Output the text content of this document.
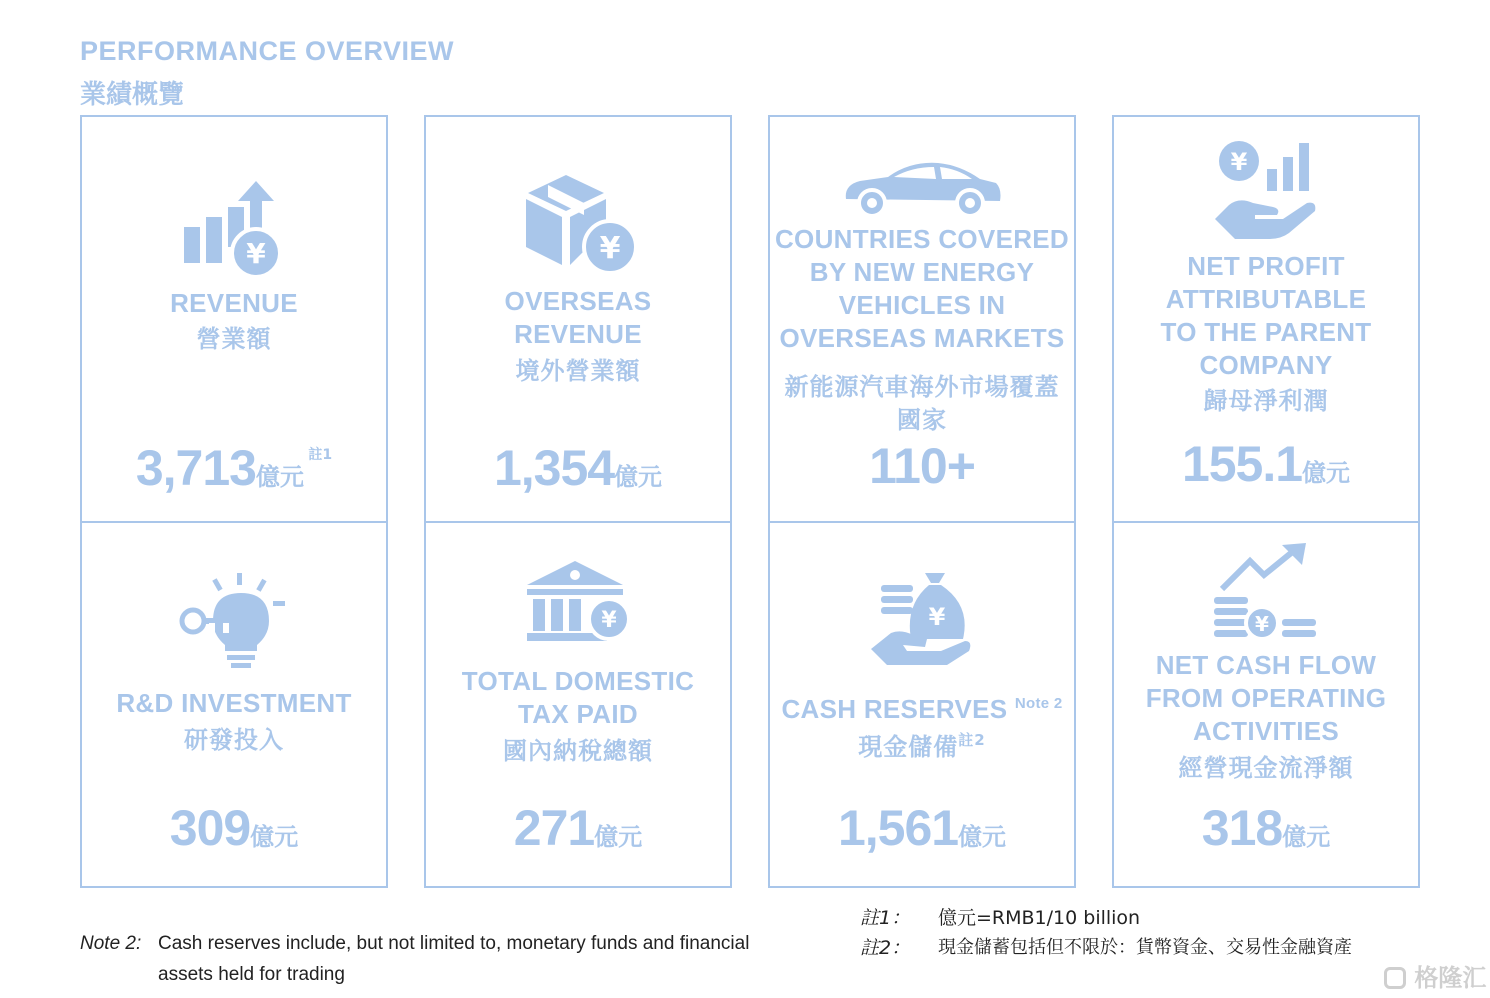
PERFORMANCE OVERVIEW
業績概覽
¥
REVENUE
營業額
3,713億元 註1
¥
OVERSEAS
REVENUE
境外營業額
1,354億元
COUNTRIES COVERED
BY NEW ENERGY
VEHICLES IN
OVERSEAS MARKETS
新能源汽車海外市場覆蓋
國家
110+
¥
NET PROFIT
ATTRIBUTABLE
TO THE PARENT
COMPANY
歸母淨利潤
155.1億元
R&D INVESTMENT
研發投入
309億元
¥
TOTAL DOMESTIC
TAX PAID
國內納稅總額
271億元
¥
CASH RESERVES $^{Note 2}$
現金儲備$^{註2}$
1,561億元
¥
NET CASH FLOW
FROM OPERATING
ACTIVITIES
經營現金流淨額
318億元
Note 2: Cash reserves include, but not limited to, monetary funds and financial
assets held for trading
註1： 億元=RMB1/10 billion
註2： 現金儲蓄包括但不限於：貨幣資金、交易性金融資產
格隆汇
